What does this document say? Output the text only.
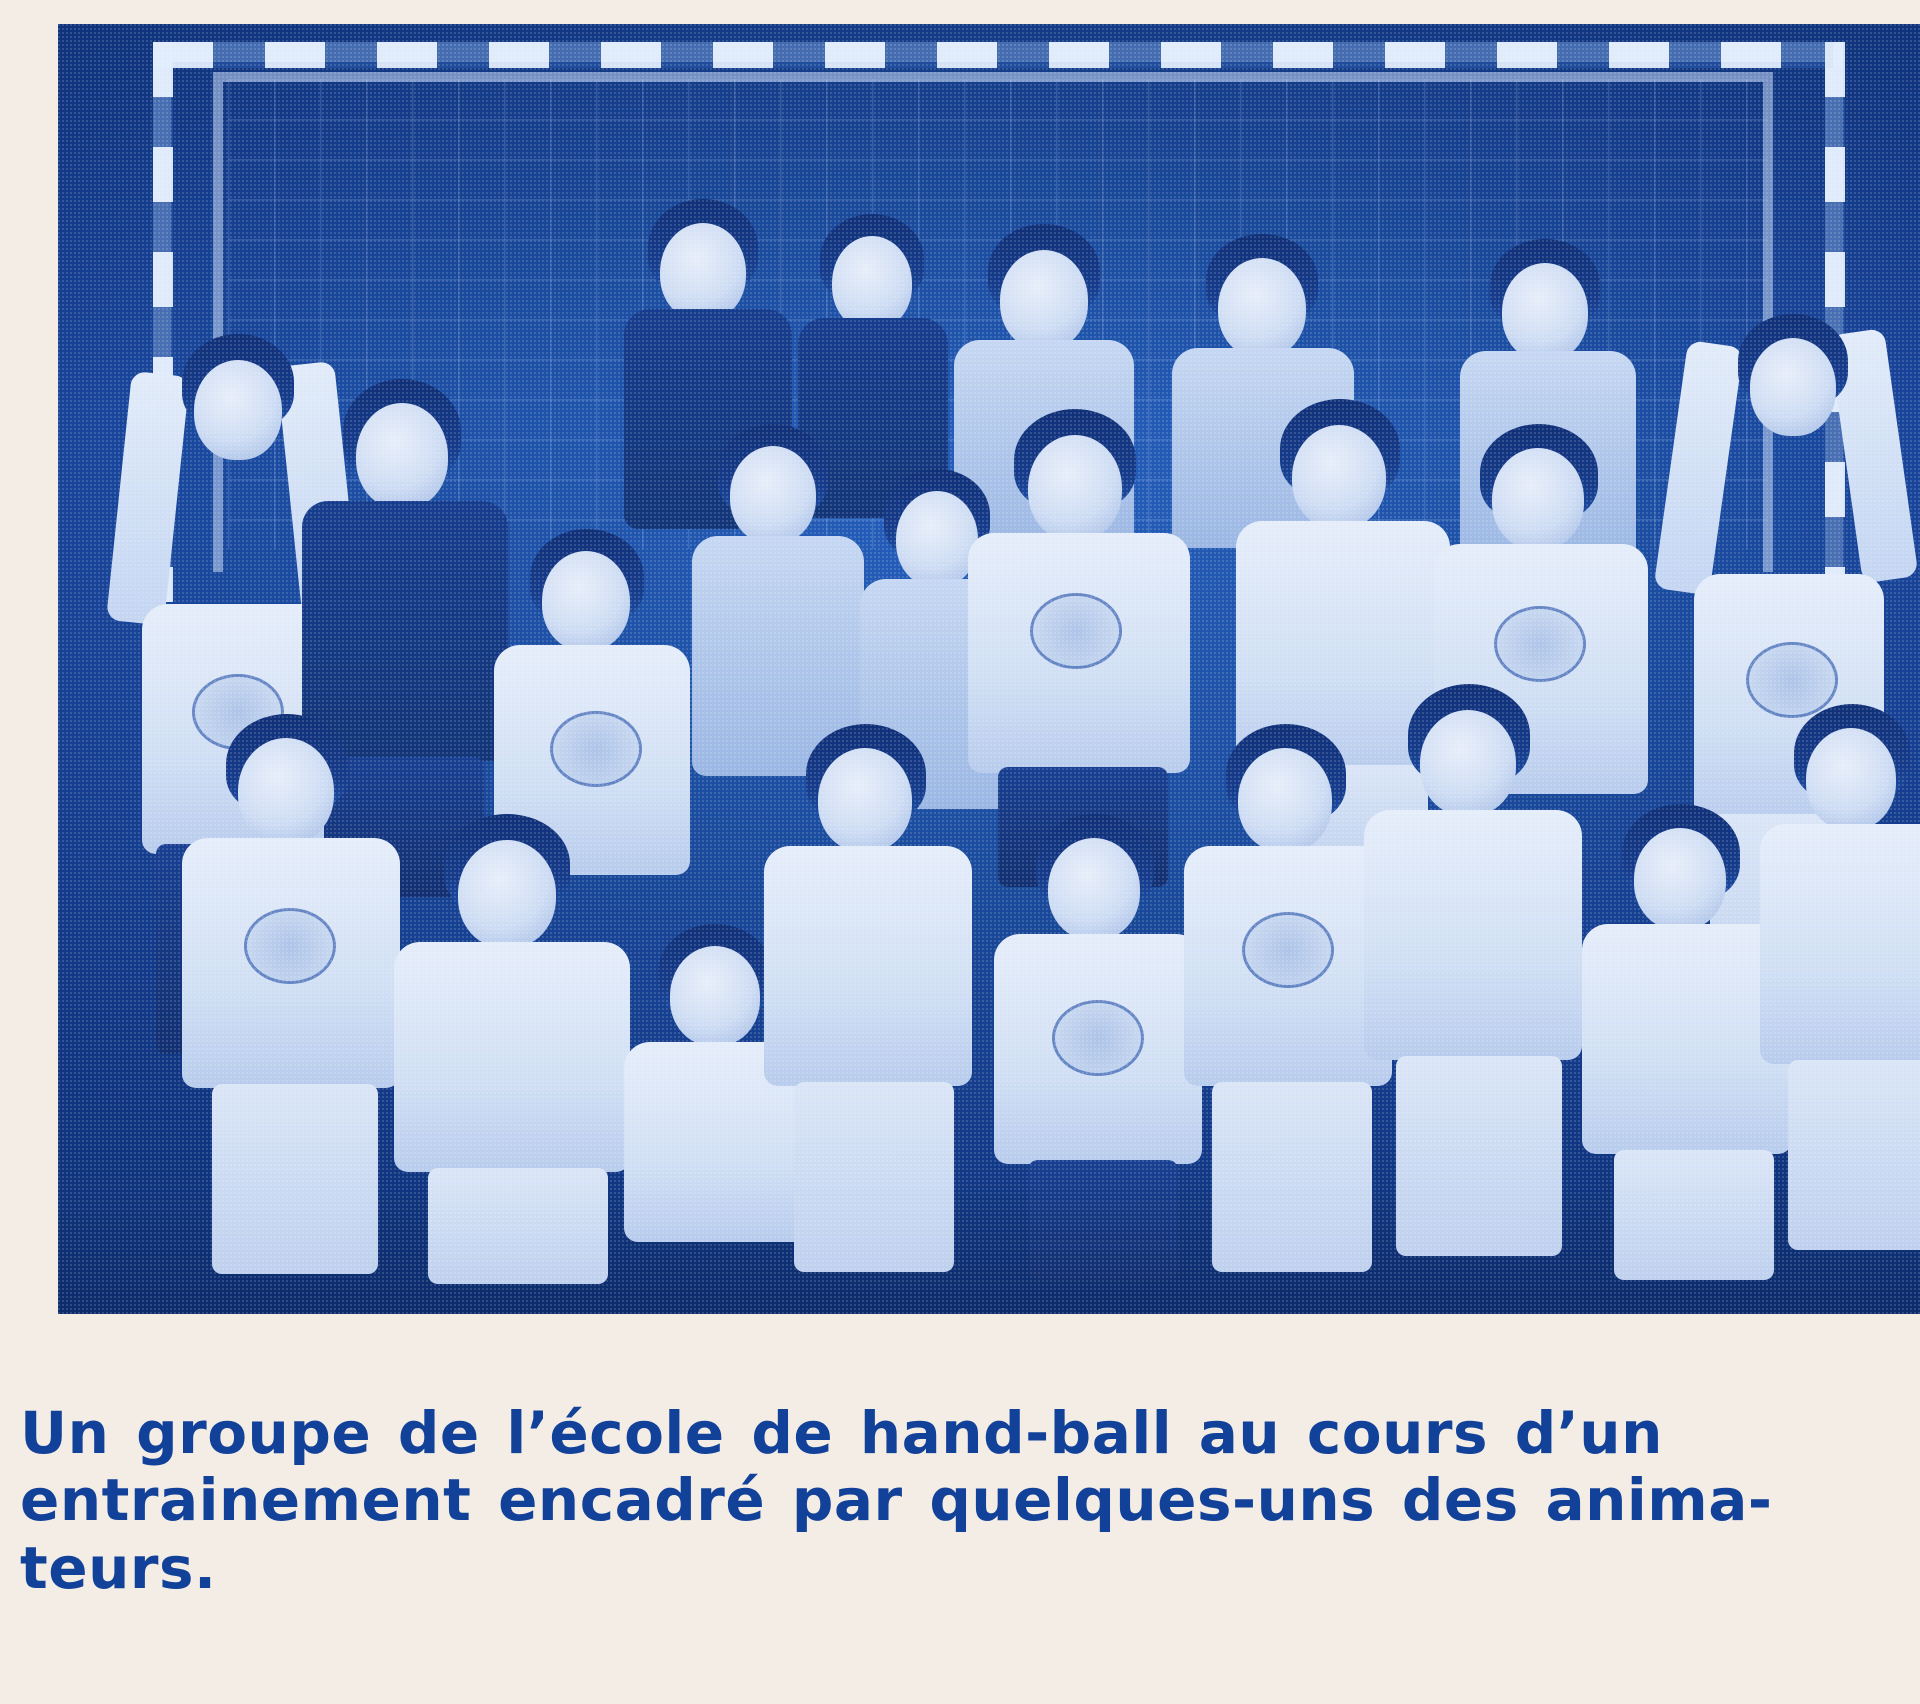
Un groupe de l’école de hand-ball au cours d’un
entrainement encadré par quelques-uns des anima-
teurs.
